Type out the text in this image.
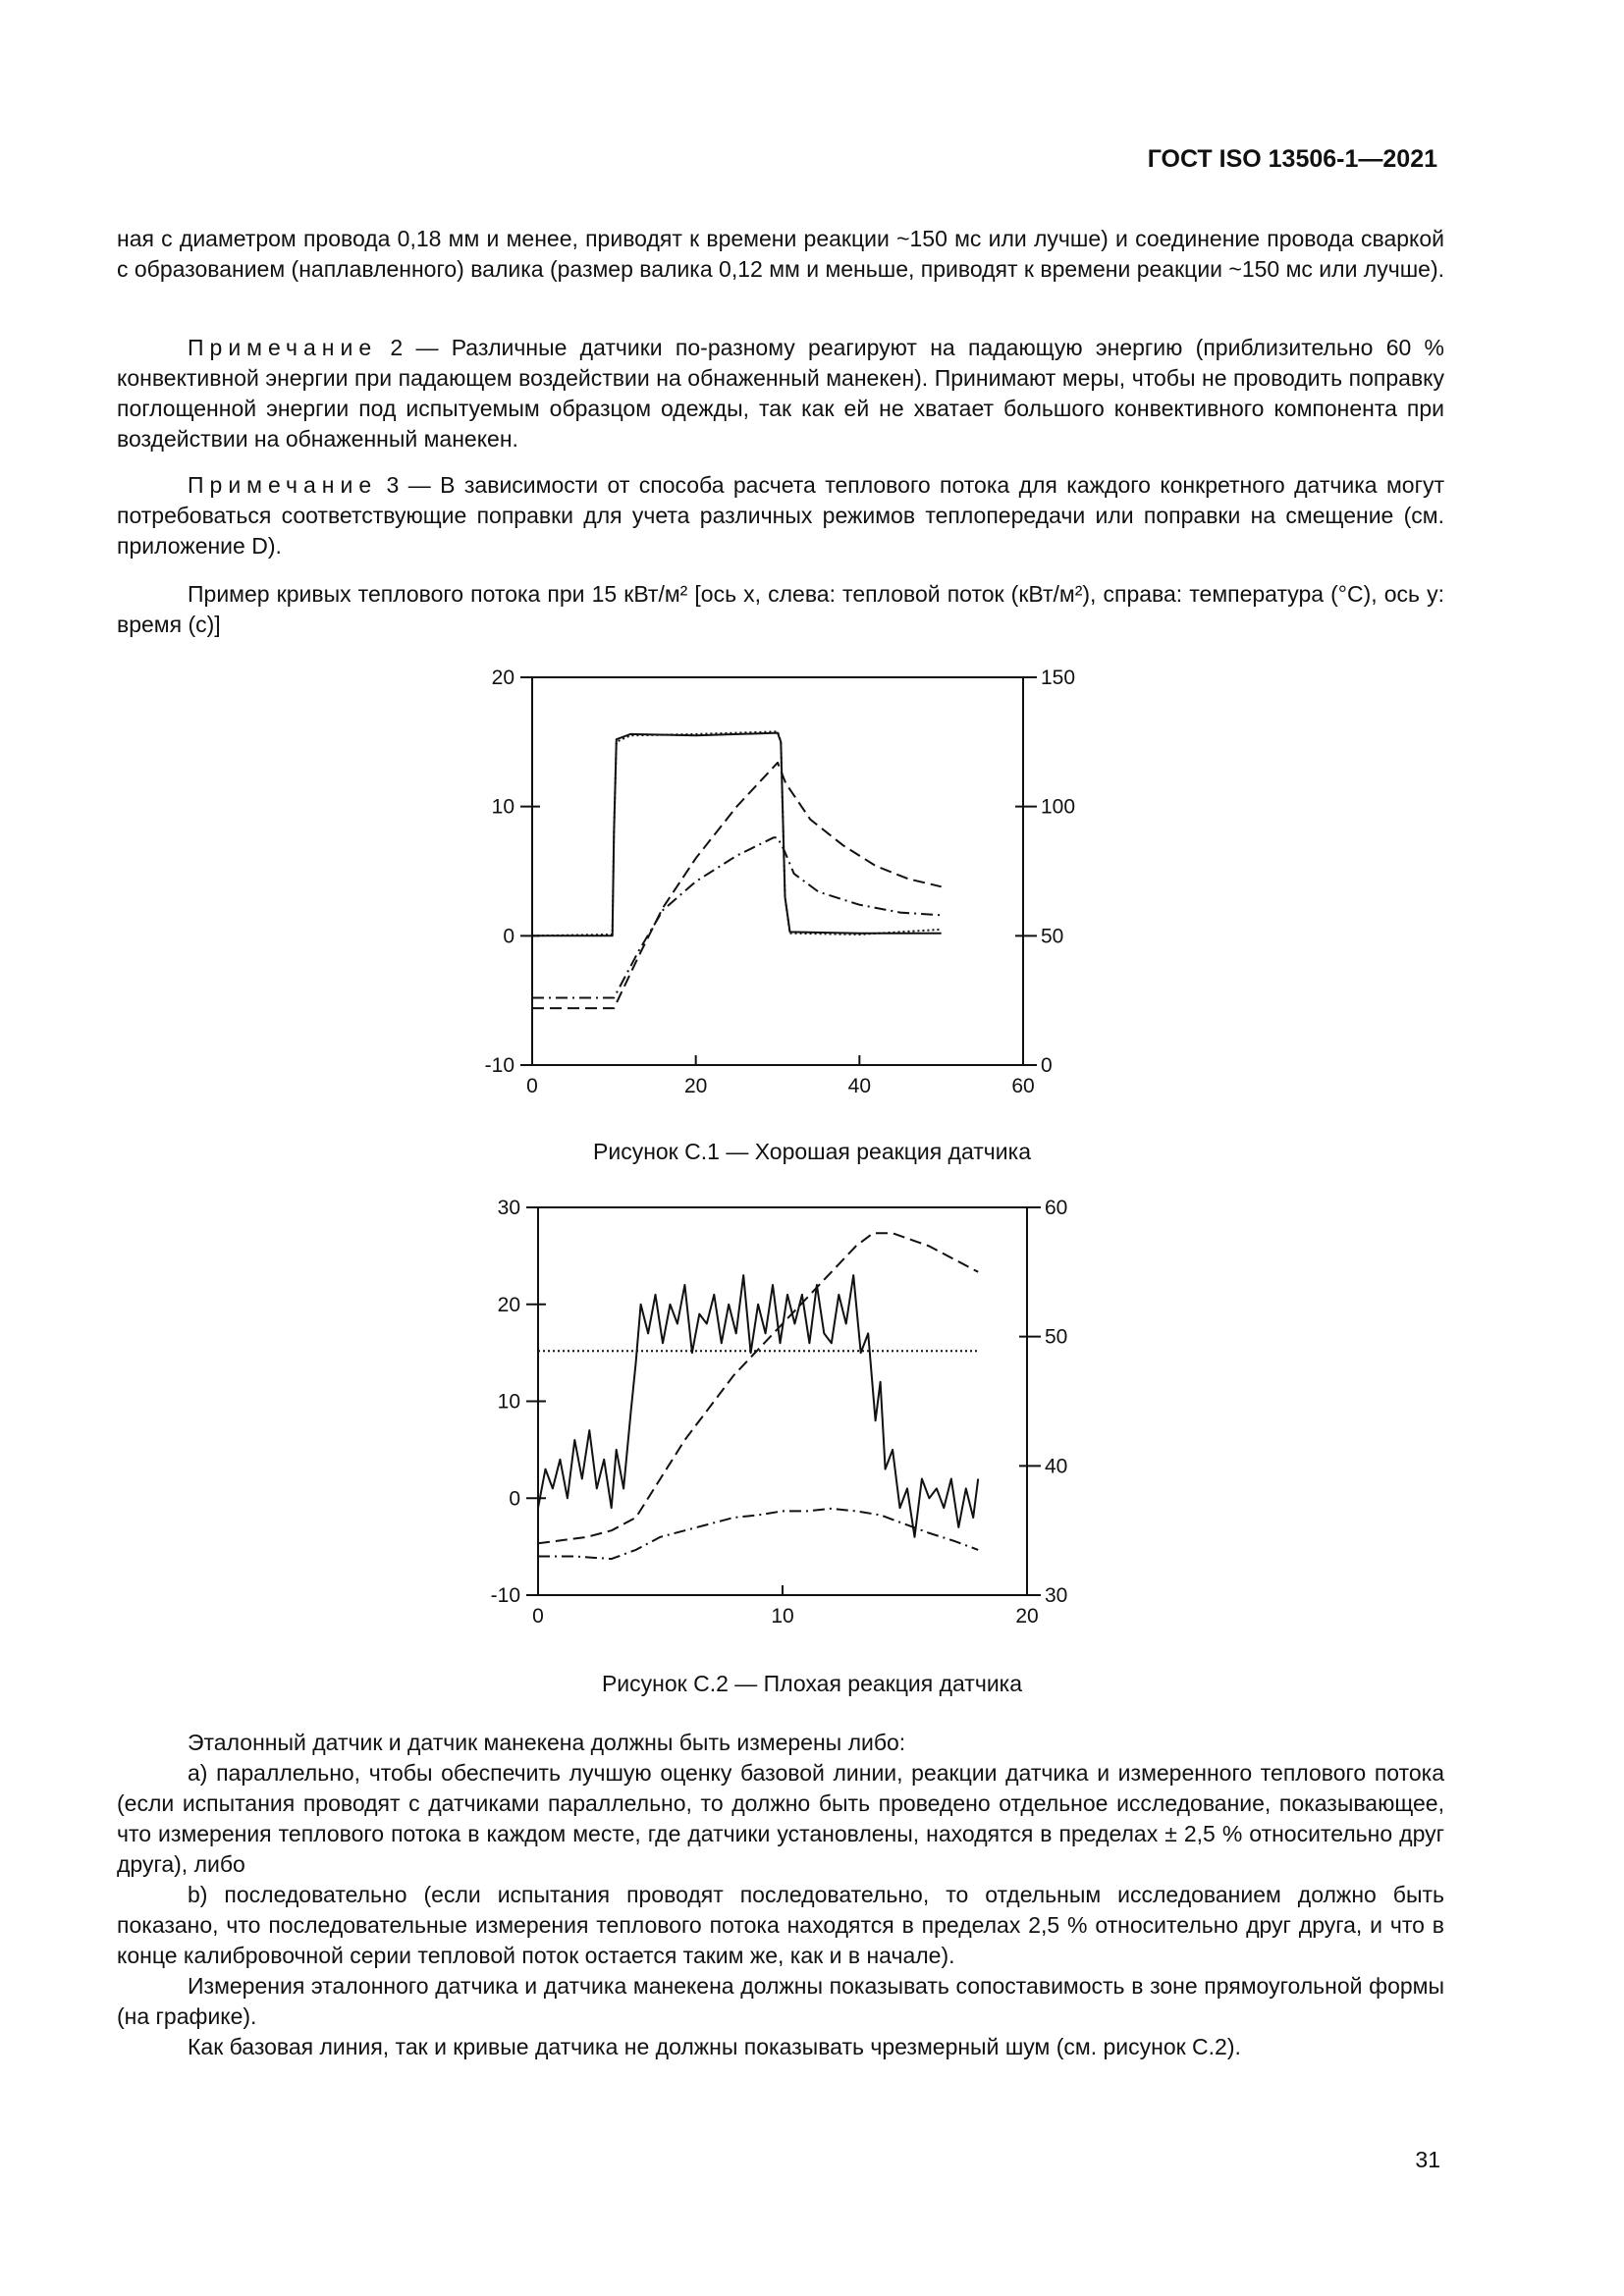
ГОСТ ISO 13506-1—2021
ная с диаметром провода 0,18 мм и менее, приводят к времени реакции ~150 мс или лучше) и соединение провода сваркой с образованием (наплавленного) валика (размер валика 0,12 мм и меньше, приводят к времени реакции ~150 мс или лучше).

Примечание 2 — Различные датчики по-разному реагируют на падающую энергию (приблизительно 60 % конвективной энергии при падающем воздействии на обнаженный манекен). Принимают меры, чтобы не проводить поправку поглощенной энергии под испытуемым образцом одежды, так как ей не хватает большого конвективного компонента при воздействии на обнаженный манекен.

Примечание 3 — В зависимости от способа расчета теплового потока для каждого конкретного датчика могут потребоваться соответствующие поправки для учета различных режимов теплопередачи или поправки на смещение (см. приложение D).

Пример кривых теплового потока при 15 кВт/м² [ось x, слева: тепловой поток (кВт/м²), справа: температура (°C), ось y: время (с)]

0	20	40	60
-10
0
10
20
0
50
100
150
Рисунок С.1 — Хорошая реакция датчика
0	10	20
-10
0
10
20
30
30
40
50
60
Рисунок С.2 — Плохая реакция датчика

Эталонный датчик и датчик манекена должны быть измерены либо:

a) параллельно, чтобы обеспечить лучшую оценку базовой линии, реакции датчика и измеренного теплового потока (если испытания проводят с датчиками параллельно, то должно быть проведено отдельное исследование, показывающее, что измерения теплового потока в каждом месте, где датчики установлены, находятся в пределах ± 2,5 % относительно друг друга), либо

b) последовательно (если испытания проводят последовательно, то отдельным исследованием должно быть показано, что последовательные измерения теплового потока находятся в пределах 2,5 % относительно друг друга, и что в конце калибровочной серии тепловой поток остается таким же, как и в начале).

Измерения эталонного датчика и датчика манекена должны показывать сопоставимость в зоне прямоугольной формы (на графике).

Как базовая линия, так и кривые датчика не должны показывать чрезмерный шум (см. рисунок С.2).

31
